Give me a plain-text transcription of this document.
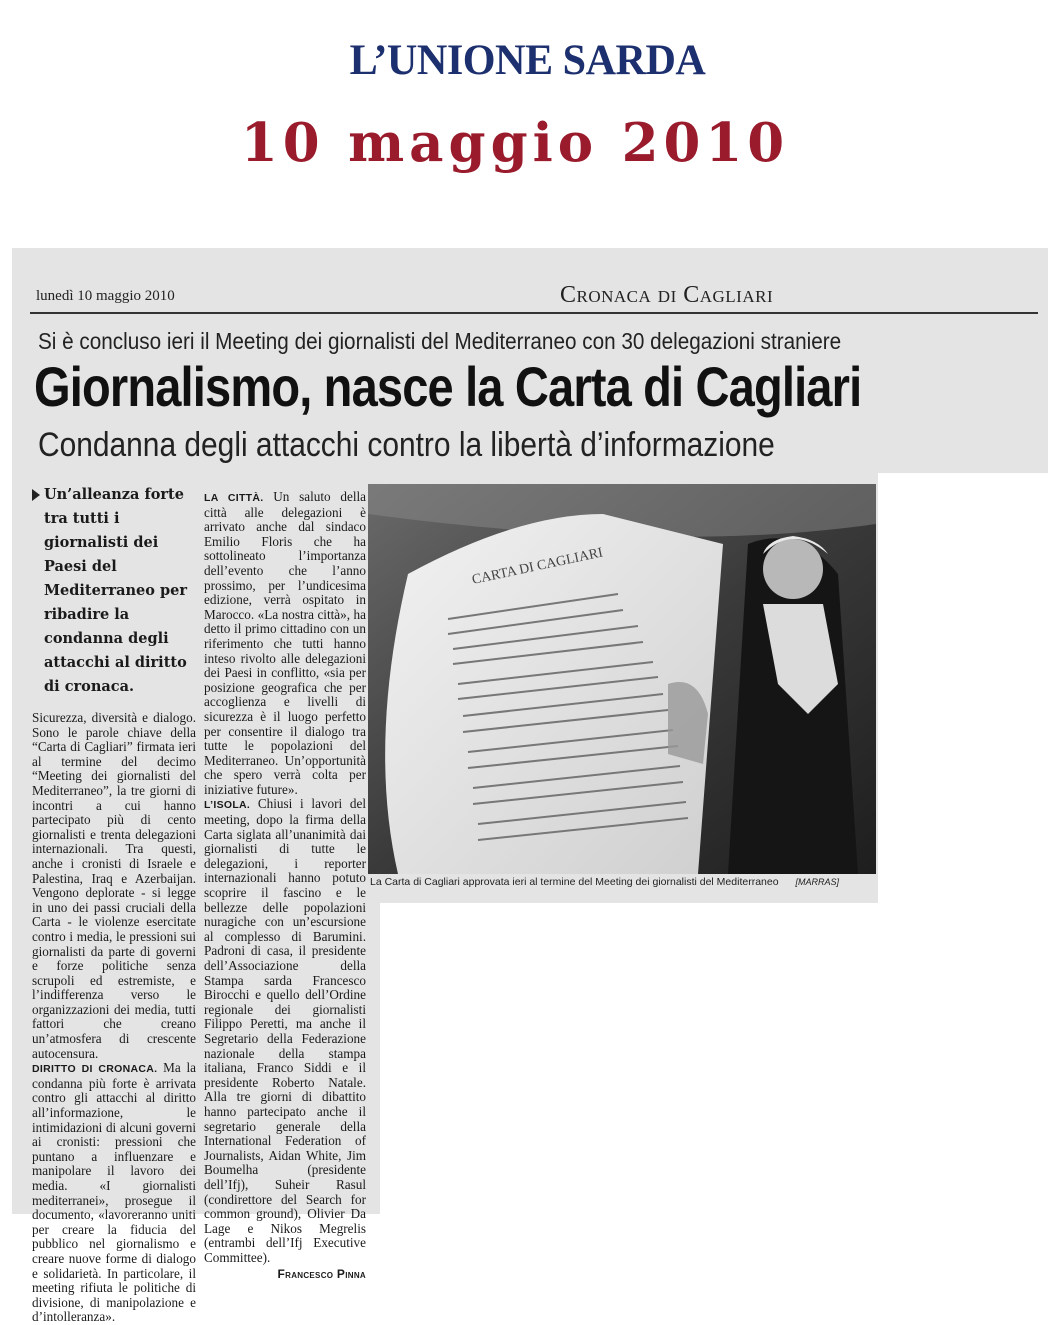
L’UNIONE SARDA
10 maggio 2010
lunedì 10 maggio 2010	Cronaca di Cagliari
Si è concluso ieri il Meeting dei giornalisti del Mediterraneo con 30 delegazioni straniere
Giornalismo, nasce la Carta di Cagliari
Condanna degli attacchi contro la libertà d’informazione
Un’alleanza forte tra tutti i giornalisti dei Paesi del Mediterraneo per ribadire la condanna degli attacchi al diritto di cronaca.

Sicurezza, diversità e dialogo. Sono le parole chiave della “Carta di Cagliari” firmata ieri al termine del decimo “Meeting dei giornalisti del Mediterraneo”, la tre giorni di incontri a cui hanno partecipato più di cento giornalisti e trenta delegazioni internazionali. Tra questi, anche i cronisti di Israele e Palestina, Iraq e Azerbaijan. Vengono deplorate - si legge in uno dei passi cruciali della Carta - le violenze esercitate contro i media, le pressioni sui giornalisti da parte di governi e forze politiche senza scrupoli ed estremiste, e l’indifferenza verso le organizzazioni dei media, tutti fattori che creano un’atmosfera di crescente autocensura.

DIRITTO DI CRONACA. Ma la condanna più forte è arrivata contro gli attacchi al diritto all’informazione, le intimidazioni di alcuni governi ai cronisti: pressioni che puntano a influenzare e manipolare il lavoro dei media. «I giornalisti mediterranei», prosegue il documento, «lavoreranno uniti per creare la fiducia del pubblico nel giornalismo e creare nuove forme di dialogo e solidarietà. In particolare, il meeting rifiuta le politiche di divisione, di manipolazione e d’intolleranza».

LA CITTÀ. Un saluto della città alle delegazioni è arrivato anche dal sindaco Emilio Floris che ha sottolineato l’importanza dell’evento che l’anno prossimo, per l’undicesima edizione, verrà ospitato in Marocco. «La nostra città», ha detto il primo cittadino con un riferimento che tutti hanno inteso rivolto alle delegazioni dei Paesi in conflitto, «sia per posizione geografica che per accoglienza e livelli di sicurezza è il luogo perfetto per consentire il dialogo tra tutte le popolazioni del Mediterraneo. Un’opportunità che spero verrà colta per iniziative future».

L’ISOLA. Chiusi i lavori del meeting, dopo la firma della Carta siglata all’unanimità dai giornalisti di tutte le delegazioni, i reporter internazionali hanno potuto scoprire il fascino e le bellezze delle popolazioni nuragiche con un’escursione al complesso di Barumini. Padroni di casa, il presidente dell’Associazione della Stampa sarda Francesco Birocchi e quello dell’Ordine regionale dei giornalisti Filippo Peretti, ma anche il Segretario della Federazione nazionale della stampa italiana, Franco Siddi e il presidente Roberto Natale. Alla tre giorni di dibattito hanno partecipato anche il segretario generale della International Federation of Journalists, Aidan White, Jim Boumelha (presidente dell’Ifj), Suheir Rasul (condirettore del Search for common ground), Olivier Da Lage e Nikos Megrelis (entrambi dell’Ifj Executive Committee).

Francesco Pinna
CARTA DI CAGLIARI
La Carta di Cagliari approvata ieri al termine del Meeting dei giornalisti del Mediterraneo [MARRAS]
